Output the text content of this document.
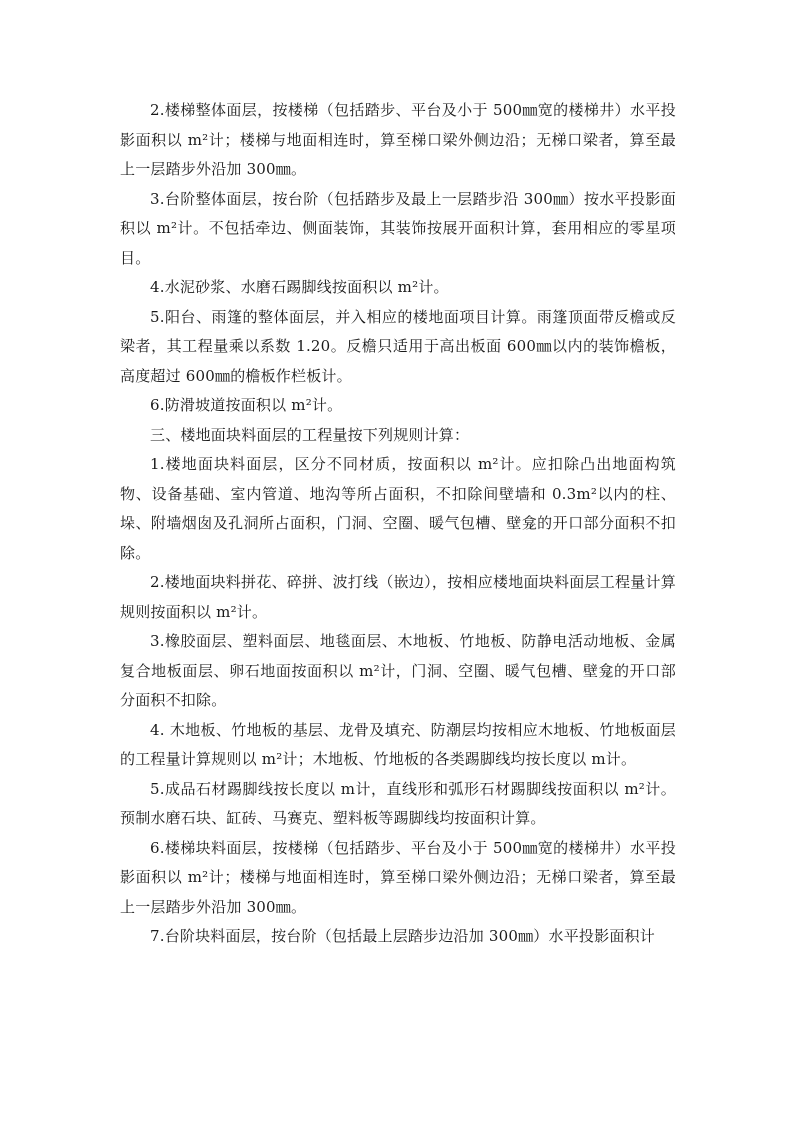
2.楼梯整体面层，按楼梯（包括踏步、平台及小于 500㎜宽的楼梯井）水平投影面积以 m²计；楼梯与地面相连时，算至梯口梁外侧边沿；无梯口梁者，算至最上一层踏步外沿加 300㎜。

3.台阶整体面层，按台阶（包括踏步及最上一层踏步沿 300㎜）按水平投影面积以 m²计。不包括牵边、侧面装饰，其装饰按展开面积计算，套用相应的零星项目。

4.水泥砂浆、水磨石踢脚线按面积以 m²计。

5.阳台、雨篷的整体面层，并入相应的楼地面项目计算。雨篷顶面带反檐或反梁者，其工程量乘以系数 1.20。反檐只适用于高出板面 600㎜以内的装饰檐板，高度超过 600㎜的檐板作栏板计。

6.防滑坡道按面积以 m²计。

三、楼地面块料面层的工程量按下列规则计算：

1.楼地面块料面层，区分不同材质，按面积以 m²计。应扣除凸出地面构筑物、设备基础、室内管道、地沟等所占面积，不扣除间壁墙和 0.3m²以内的柱、垛、附墙烟囱及孔洞所占面积，门洞、空圈、暖气包槽、壁龛的开口部分面积不扣除。

2.楼地面块料拼花、碎拼、波打线（嵌边），按相应楼地面块料面层工程量计算规则按面积以 m²计。

3.橡胶面层、塑料面层、地毯面层、木地板、竹地板、防静电活动地板、金属复合地板面层、卵石地面按面积以 m²计，门洞、空圈、暖气包槽、壁龛的开口部分面积不扣除。

4. 木地板、竹地板的基层、龙骨及填充、防潮层均按相应木地板、竹地板面层的工程量计算规则以 m²计；木地板、竹地板的各类踢脚线均按长度以 m计。

5.成品石材踢脚线按长度以 m计，直线形和弧形石材踢脚线按面积以 m²计。预制水磨石块、缸砖、马赛克、塑料板等踢脚线均按面积计算。

6.楼梯块料面层，按楼梯（包括踏步、平台及小于 500㎜宽的楼梯井）水平投影面积以 m²计；楼梯与地面相连时，算至梯口梁外侧边沿；无梯口梁者，算至最上一层踏步外沿加 300㎜。

7.台阶块料面层，按台阶（包括最上层踏步边沿加 300㎜）水平投影面积计
